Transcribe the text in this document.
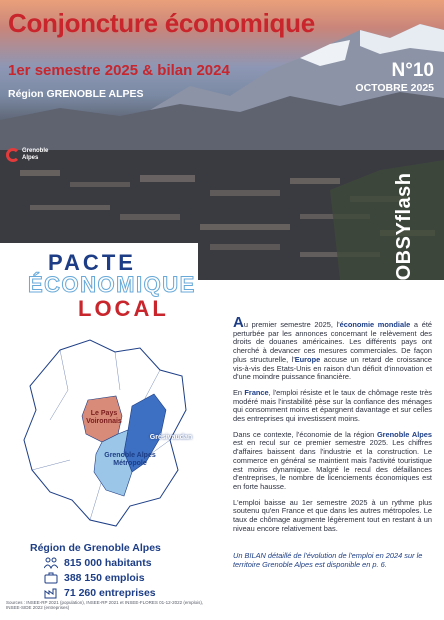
Conjoncture économique
1er semestre 2025 & bilan 2024
Région GRENOBLE ALPES
N°10
OCTOBRE 2025
Grenoble Alpes
#OBSYflash
PACTE
ÉCONOMIQUE
LOCAL
Le Pays Voironnais
Grésivaudan
Grenoble Alpes Métropole
Région de Grenoble Alpes
815 000 habitants
388 150 emplois
71 260 entreprises
Sources : INSEE-RP 2021 (population), INSEE-RP 2021 et INSEE-FLORES 01-12-2022 (emplois), INSEE-SIDE 2022 (entreprises)

Au premier semestre 2025, l'économie mondiale a été perturbée par les annonces concernant le relèvement des droits de douanes américaines. Les différents pays ont cherché à devancer ces mesures commerciales. De façon plus structurelle, l'Europe accuse un retard de croissance vis-à-vis des Etats-Unis en raison d'un déficit d'innovation et d'une moindre puissance financière.

En France, l'emploi résiste et le taux de chômage reste très modéré mais l'instabilité pèse sur la confiance des ménages qui consomment moins et épargnent davantage et sur celles des entreprises qui investissent moins.

Dans ce contexte, l'économie de la région Grenoble Alpes est en recul sur ce premier semestre 2025. Les chiffres d'affaires baissent dans l'industrie et la construction. Le commerce en général se maintient mais l'activité touristique est moins dynamique. Malgré le recul des défaillances d'entreprises, le nombre de licenciements économiques est en forte hausse.

L'emploi baisse au 1er semestre 2025 à un rythme plus soutenu qu'en France et que dans les autres métropoles. Le taux de chômage augmente légèrement tout en restant à un niveau encore relativement bas.

Un BILAN détaillé de l'évolution de l'emploi en 2024 sur le territoire Grenoble Alpes est disponible en p. 6.
